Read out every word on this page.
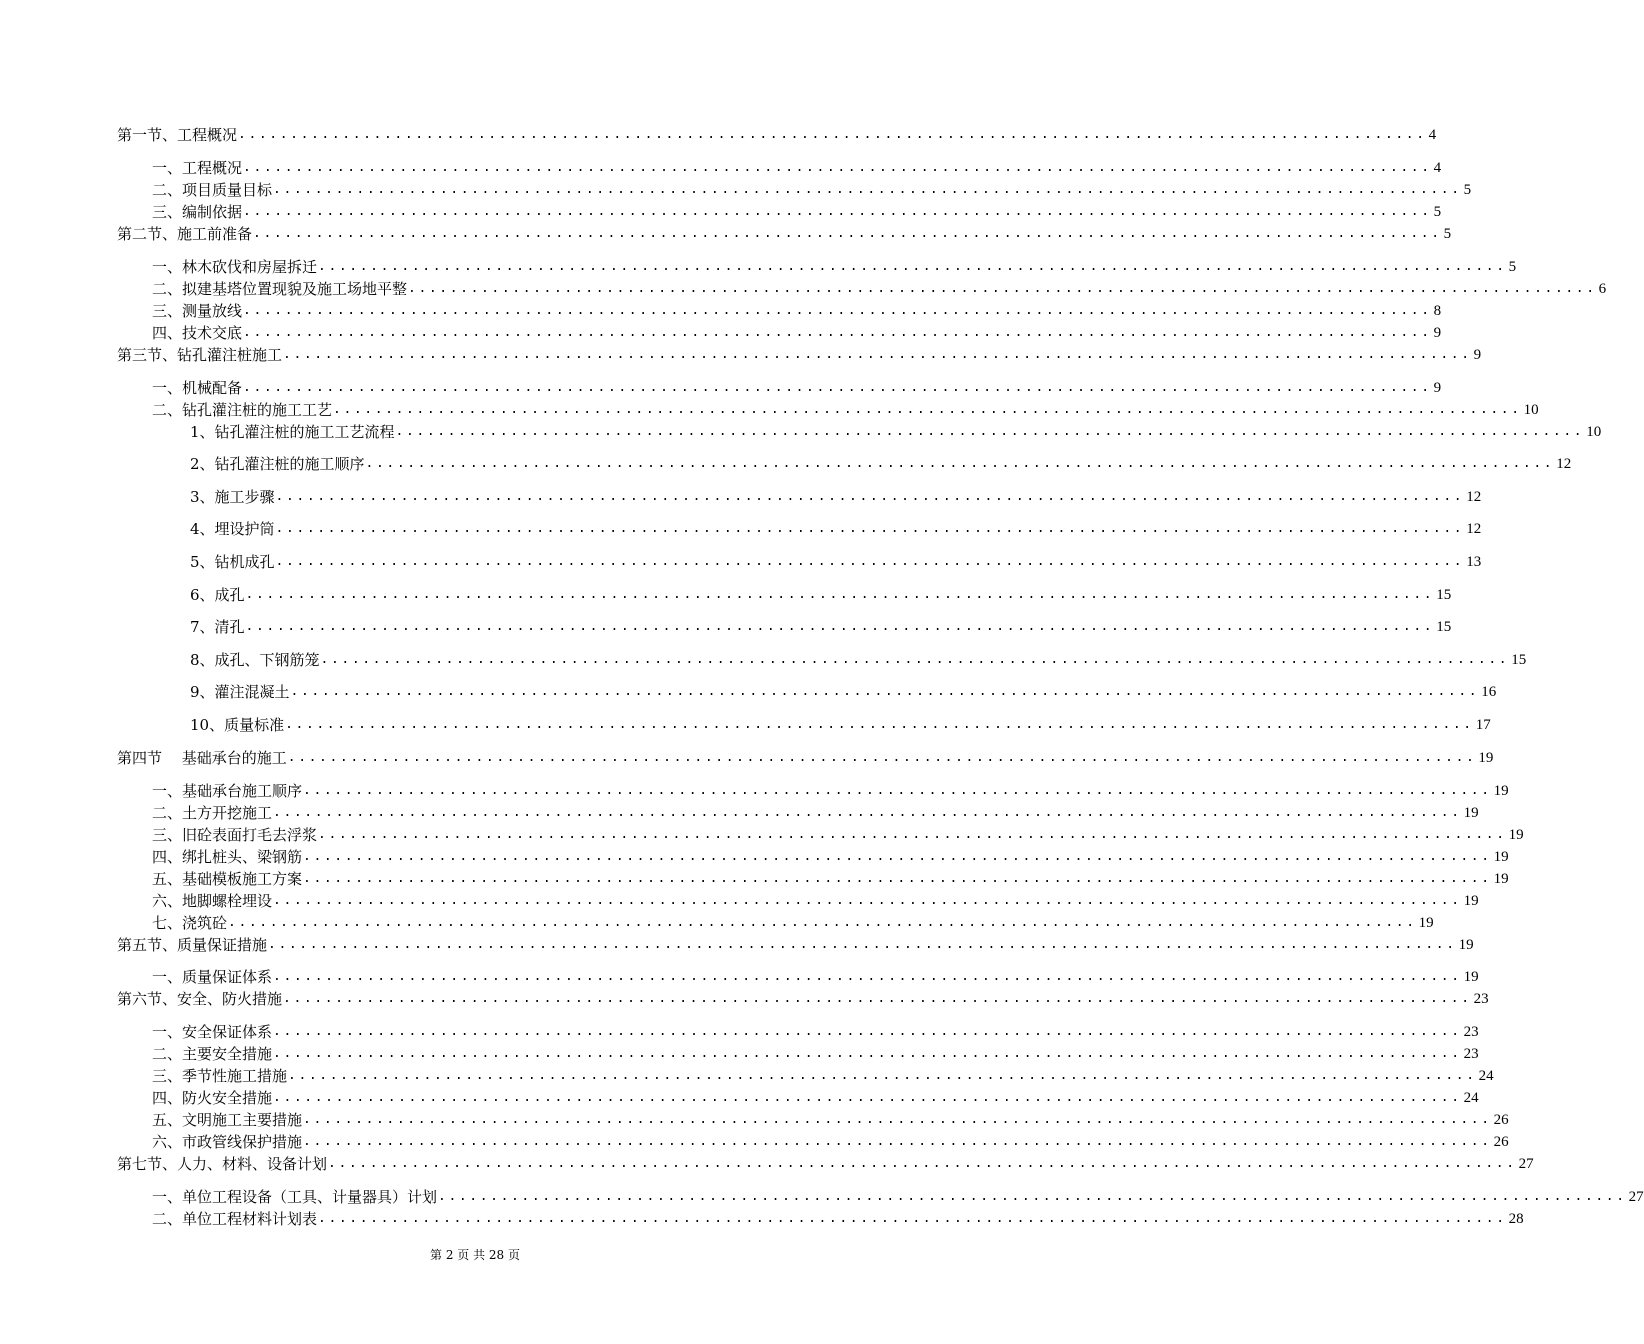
第一节、工程概况 .................................................................................................................. 4
一、工程概况 .................................................................................................................. 4
二、项目质量目标 .................................................................................................................. 5
三、编制依据 .................................................................................................................. 5
第二节、施工前准备 .................................................................................................................. 5
一、林木砍伐和房屋拆迁 .................................................................................................................. 5
二、拟建基塔位置现貌及施工场地平整 .................................................................................................................. 6
三、测量放线 .................................................................................................................. 8
四、技术交底 .................................................................................................................. 9
第三节、钻孔灌注桩施工 .................................................................................................................. 9
一、机械配备 .................................................................................................................. 9
二、钻孔灌注桩的施工工艺 .................................................................................................................. 10
1、钻孔灌注桩的施工工艺流程 .................................................................................................................. 10
2、钻孔灌注桩的施工顺序 .................................................................................................................. 12
3、施工步骤 .................................................................................................................. 12
4、埋设护筒 .................................................................................................................. 12
5、钻机成孔 .................................................................................................................. 13
6、成孔 .................................................................................................................. 15
7、清孔 .................................................................................................................. 15
8、成孔、下钢筋笼 .................................................................................................................. 15
9、灌注混凝土 .................................................................................................................. 16
10、质量标准 .................................................................................................................. 17
第四节　 基础承台的施工 .................................................................................................................. 19
一、基础承台施工顺序 .................................................................................................................. 19
二、土方开挖施工 .................................................................................................................. 19
三、旧砼表面打毛去浮浆 .................................................................................................................. 19
四、绑扎桩头、梁钢筋 .................................................................................................................. 19
五、基础模板施工方案 .................................................................................................................. 19
六、地脚螺栓埋设 .................................................................................................................. 19
七、浇筑砼 .................................................................................................................. 19
第五节、质量保证措施 .................................................................................................................. 19
一、质量保证体系 .................................................................................................................. 19
第六节、安全、防火措施 .................................................................................................................. 23
一、安全保证体系 .................................................................................................................. 23
二、主要安全措施 .................................................................................................................. 23
三、季节性施工措施 .................................................................................................................. 24
四、防火安全措施 .................................................................................................................. 24
五、文明施工主要措施 .................................................................................................................. 26
六、市政管线保护措施 .................................................................................................................. 26
第七节、人力、材料、设备计划 .................................................................................................................. 27
一、单位工程设备（工具、计量器具）计划 .................................................................................................................. 27
二、单位工程材料计划表 .................................................................................................................. 28
第 2 页 共 28 页
